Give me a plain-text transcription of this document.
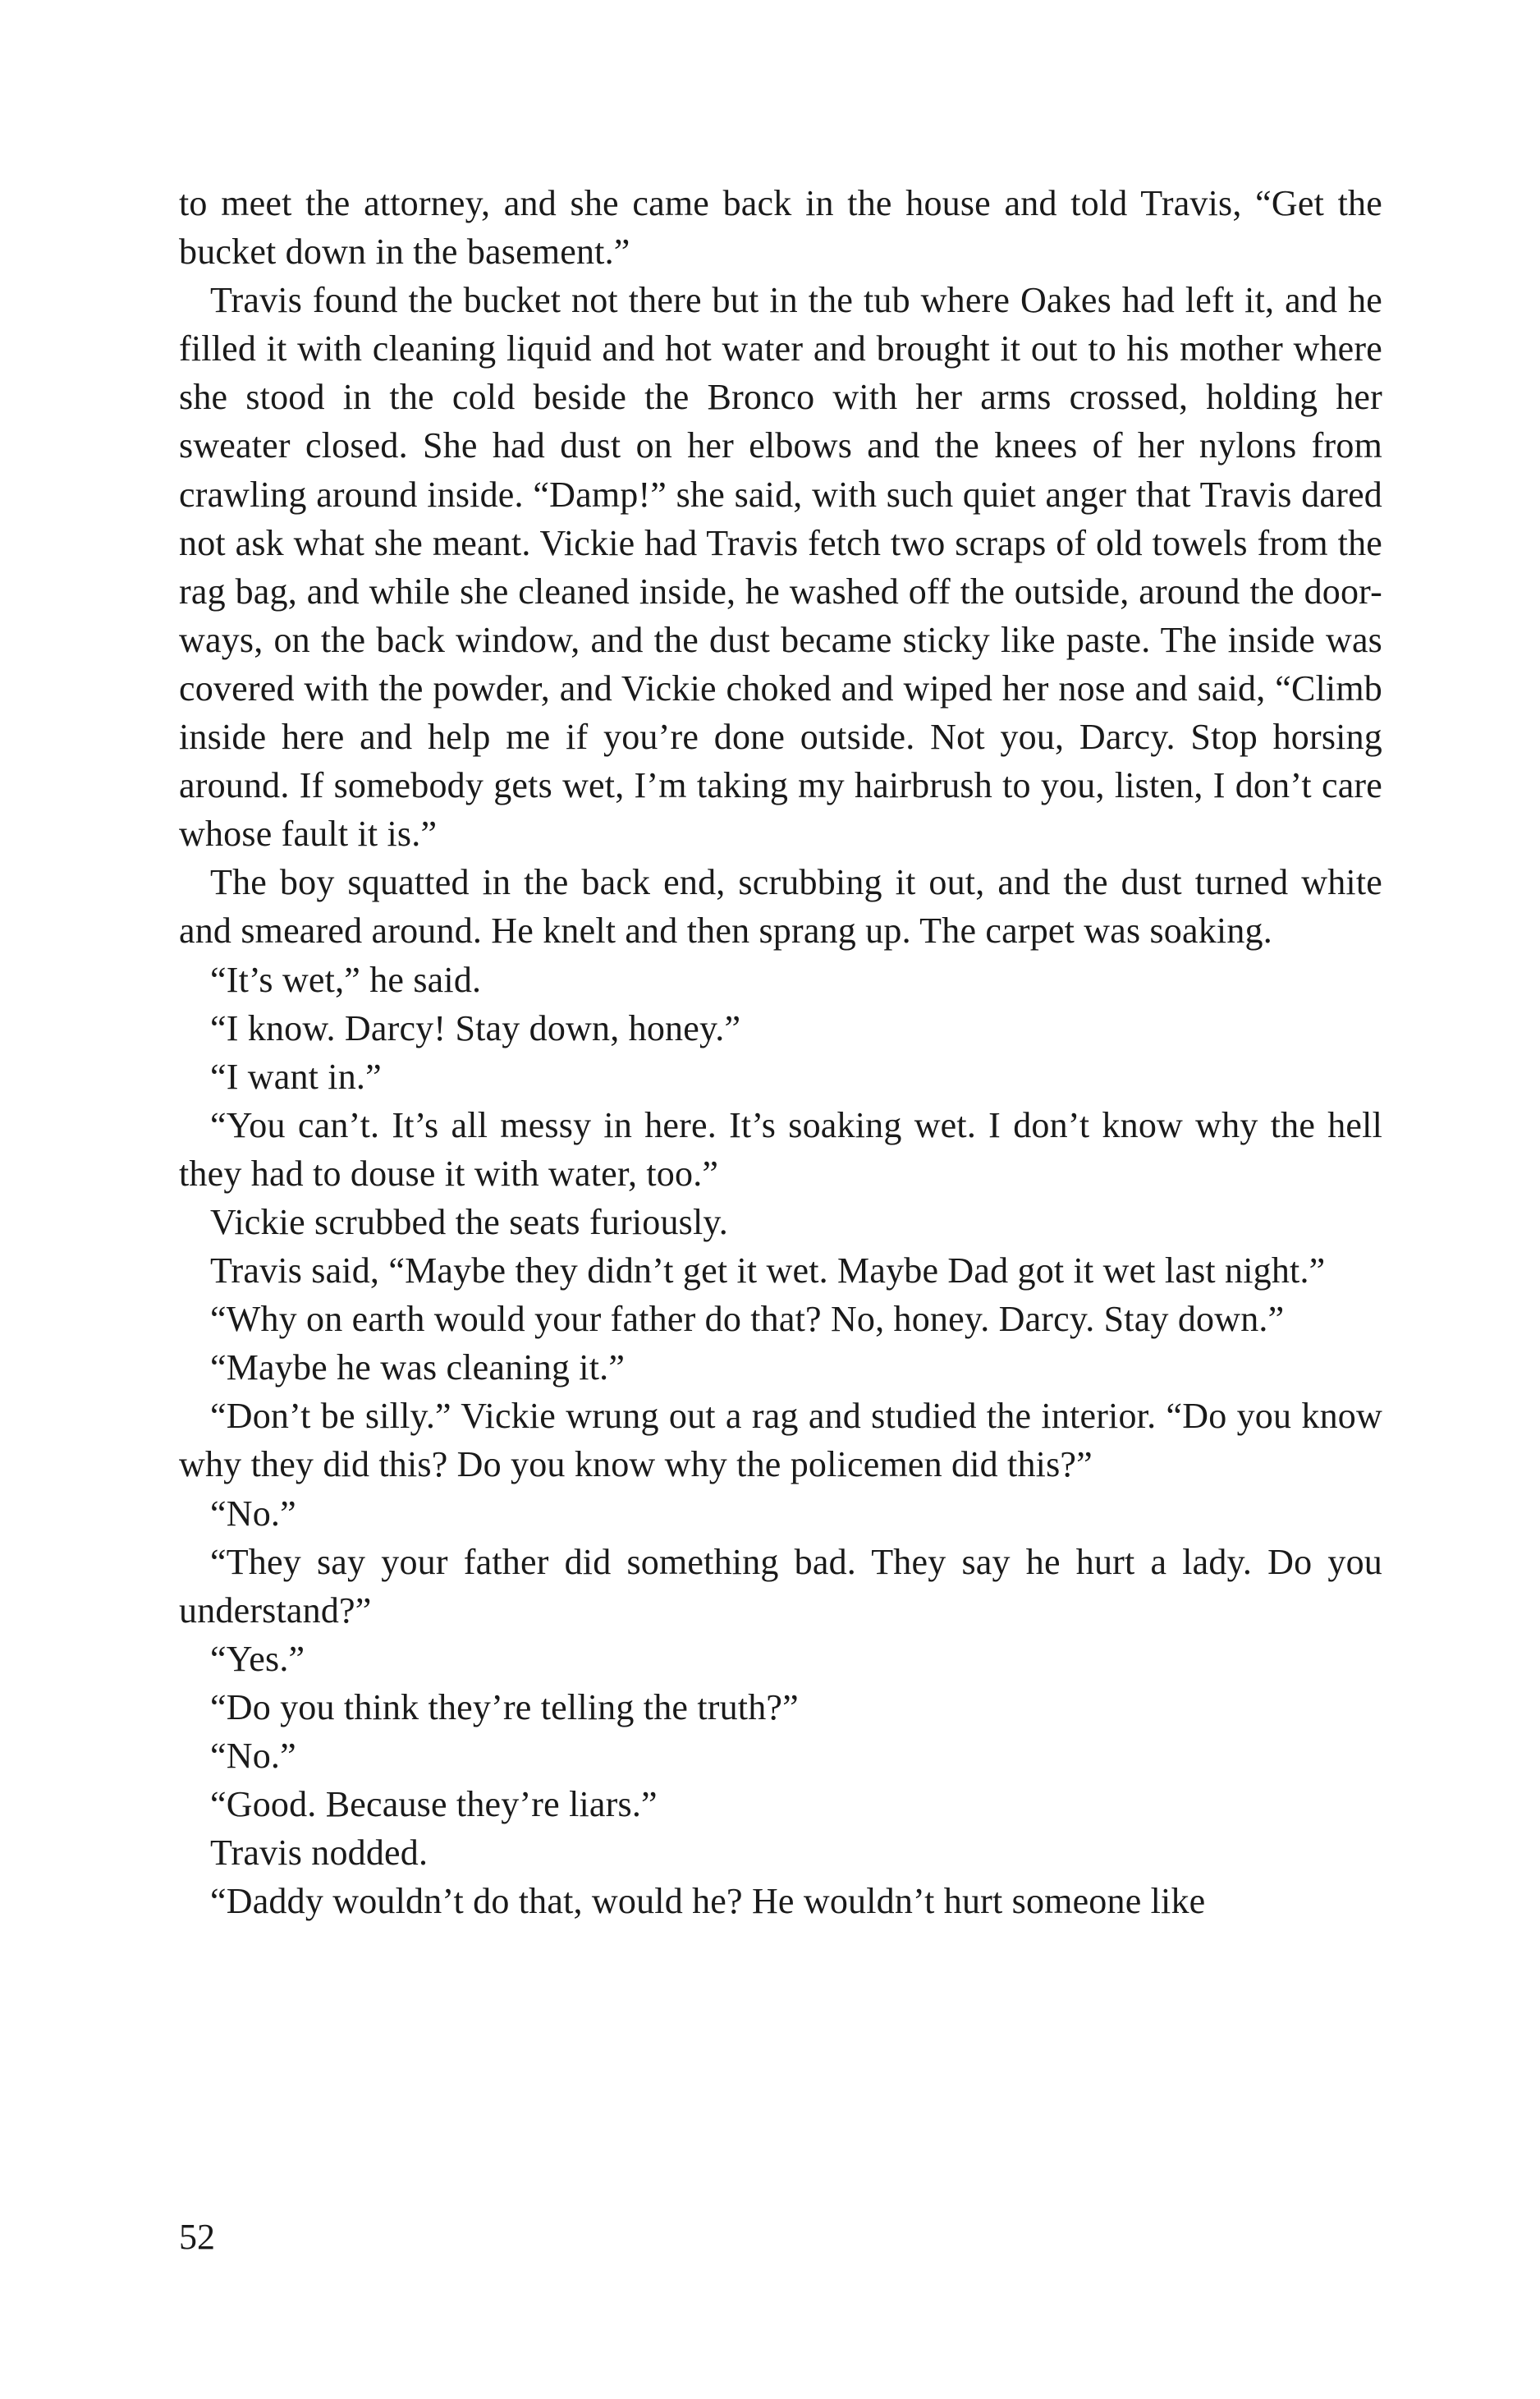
to meet the attorney, and she came back in the house and told Travis, “Get the bucket down in the basement.”

Travis found the bucket not there but in the tub where Oakes had left it, and he filled it with cleaning liquid and hot water and brought it out to his mother where she stood in the cold beside the Bronco with her arms crossed, holding her sweater closed. She had dust on her elbows and the knees of her nylons from crawling around inside. “Damp!” she said, with such quiet anger that Travis dared not ask what she meant. Vickie had Travis fetch two scraps of old towels from the rag bag, and while she cleaned inside, he washed off the outside, around the door-ways, on the back window, and the dust became sticky like paste. The inside was covered with the powder, and Vickie choked and wiped her nose and said, “Climb inside here and help me if you’re done outside. Not you, Darcy. Stop horsing around. If somebody gets wet, I’m taking my hairbrush to you, listen, I don’t care whose fault it is.”

The boy squatted in the back end, scrubbing it out, and the dust turned white and smeared around. He knelt and then sprang up. The carpet was soaking.

“It’s wet,” he said.

“I know. Darcy! Stay down, honey.”

“I want in.”

“You can’t. It’s all messy in here. It’s soaking wet. I don’t know why the hell they had to douse it with water, too.”

Vickie scrubbed the seats furiously.

Travis said, “Maybe they didn’t get it wet. Maybe Dad got it wet last night.”

“Why on earth would your father do that? No, honey. Darcy. Stay down.”

“Maybe he was cleaning it.”

“Don’t be silly.” Vickie wrung out a rag and studied the interior. “Do you know why they did this? Do you know why the policemen did this?”

“No.”

“They say your father did something bad. They say he hurt a lady. Do you understand?”

“Yes.”

“Do you think they’re telling the truth?”

“No.”

“Good. Because they’re liars.”

Travis nodded.

“Daddy wouldn’t do that, would he? He wouldn’t hurt someone like

52
